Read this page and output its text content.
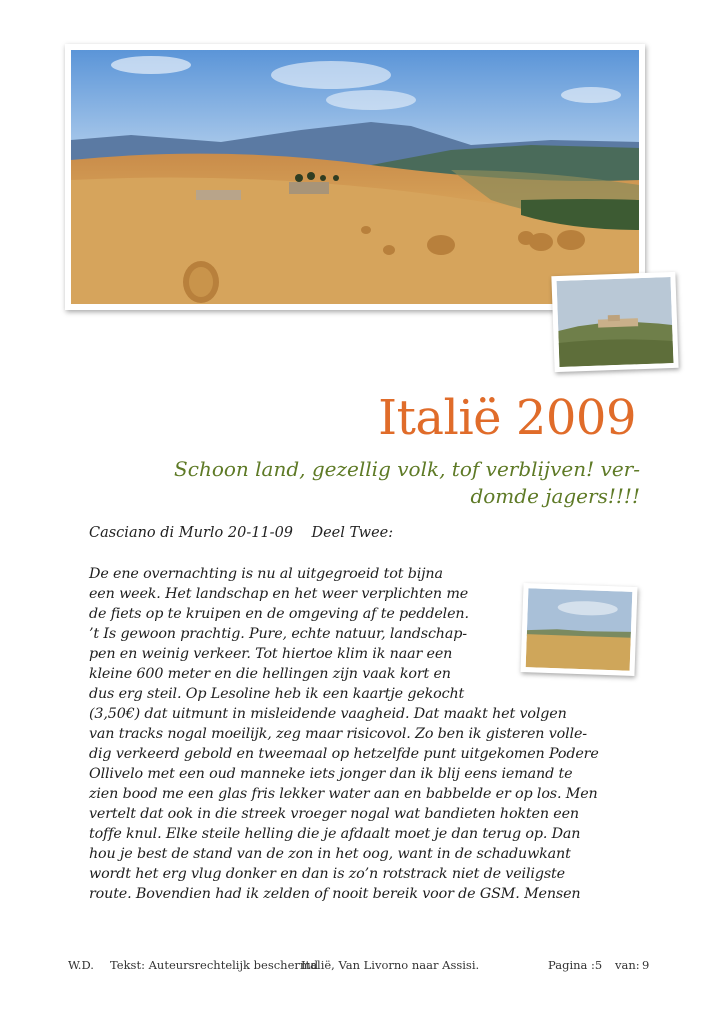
Italië 2009

Schoon land, gezellig volk, tof verblijven! ver-
domde jagers!!!!

Casciano di Murlo 20-11-09    Deel Twee:
De ene overnachting is nu al uitgegroeid tot bijna
een week. Het landschap en het weer verplichten me
de fiets op te kruipen en de omgeving af te peddelen.
’t Is gewoon prachtig. Pure, echte natuur, landschap-
pen en weinig verkeer. Tot hiertoe klim ik naar een
kleine 600 meter en die hellingen zijn vaak kort en
dus erg steil. Op Lesoline heb ik een kaartje gekocht
(3,50€) dat uitmunt in misleidende vaagheid. Dat maakt het volgen
van tracks nogal moeilijk, zeg maar risicovol. Zo ben ik gisteren volle-
dig verkeerd gebold en tweemaal op hetzelfde punt uitgekomen Podere
Ollivelo met een oud manneke iets jonger dan ik blij eens iemand te
zien bood me een glas fris lekker water aan en babbelde er op los. Men
vertelt dat ook in die streek vroeger nogal wat bandieten hokten een
toffe knul. Elke steile helling die je afdaalt moet je dan terug op. Dan
hou je best de stand van de zon in het oog, want in de schaduwkant
wordt het erg vlug donker en dan is zo’n rotstrack niet de veiligste
route. Bovendien had ik zelden of nooit bereik voor de GSM. Mensen
W.D. Tekst: Auteursrechtelijk beschermd
Italië, Van Livorno naar Assisi.	Pagina :5 van: 9
